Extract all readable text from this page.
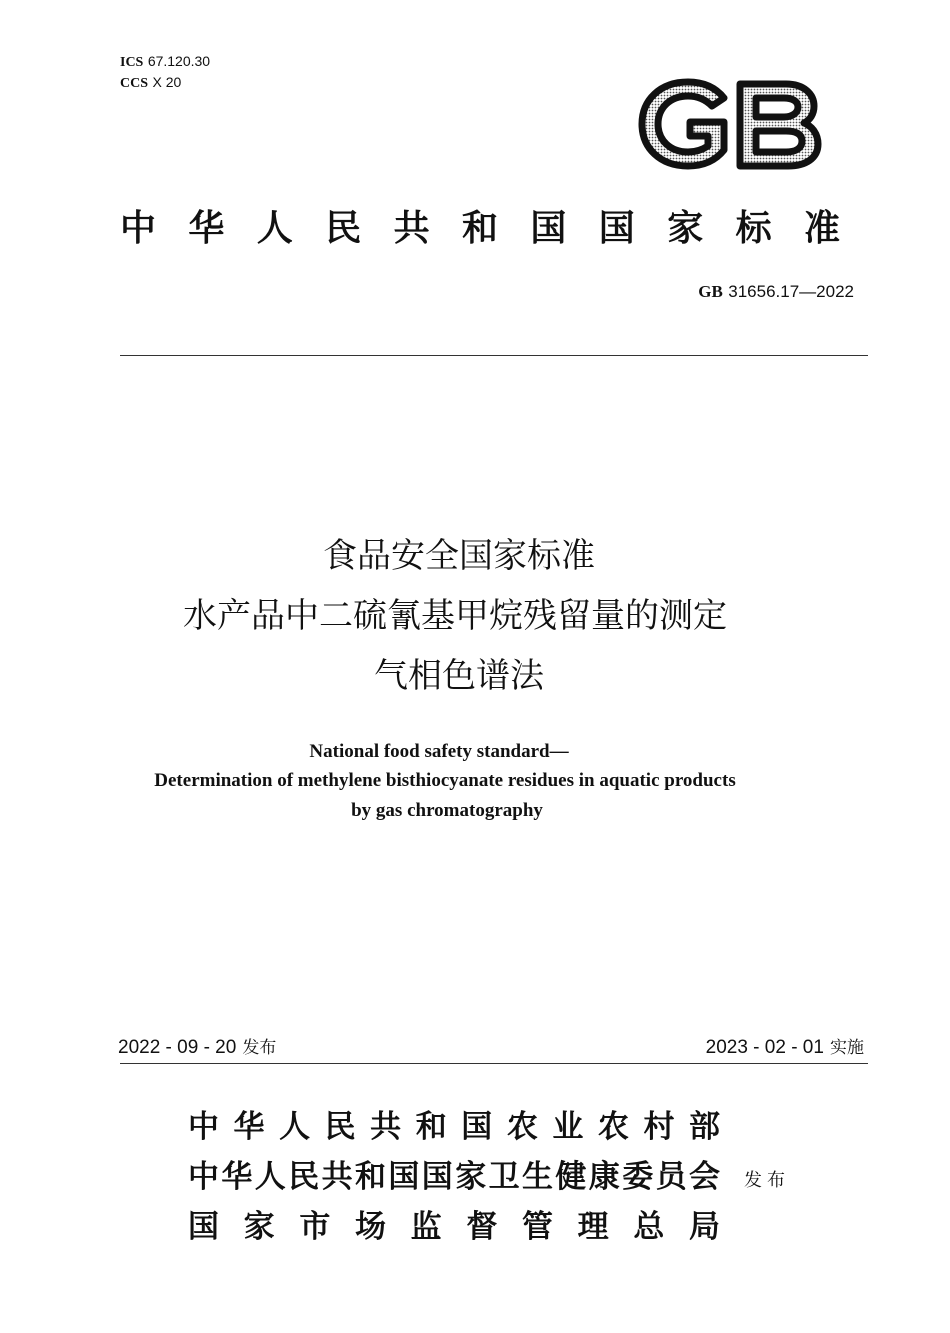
ICS 67.120.30
CCS X 20
中华人民共和国国家标准
GB 31656.17—2022
食品安全国家标准
水产品中二硫氰基甲烷残留量的测定
气相色谱法
National food safety standard—
Determination of methylene bisthiocyanate residues in aquatic products
by gas chromatography
2022 - 09 - 20 发布	2023 - 02 - 01 实施
中华人民共和国农业农村部
中华人民共和国国家卫生健康委员会
国家市场监督管理总局
发布
